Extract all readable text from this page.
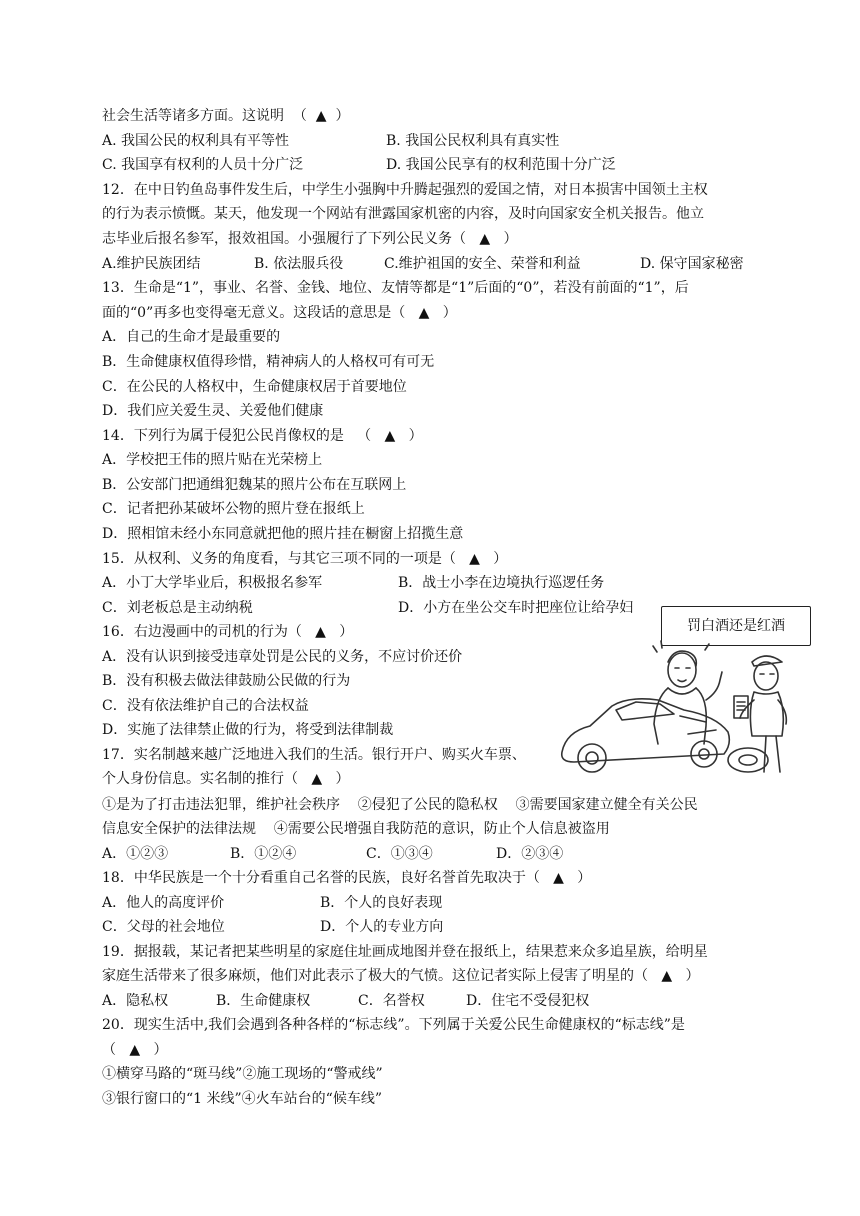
社会生活等诸多方面。这说明  （  ▲  ）
A. 我国公民的权利具有平等性	B. 我国公民权利具有真实性
C. 我国享有权利的人员十分广泛	D. 我国公民享有的权利范围十分广泛
12．在中日钓鱼岛事件发生后，中学生小强胸中升腾起强烈的爱国之情，对日本损害中国领土主权
的行为表示愤慨。某天，他发现一个网站有泄露国家机密的内容，及时向国家安全机关报告。他立
志毕业后报名参军，报效祖国。小强履行了下列公民义务（   ▲   ）
A.维护民族团结	B. 依法服兵役	C.维护祖国的安全、荣誉和利益	D. 保守国家秘密
13．生命是“1”，事业、名誉、金钱、地位、友情等都是“1”后面的“0”，若没有前面的“1”，后
面的“0”再多也变得毫无意义。这段话的意思是（   ▲   ）
A．自己的生命才是最重要的
B．生命健康权值得珍惜，精神病人的人格权可有可无
C．在公民的人格权中，生命健康权居于首要地位
D．我们应关爱生灵、关爱他们健康
14．下列行为属于侵犯公民肖像权的是   （   ▲   ）
A．学校把王伟的照片贴在光荣榜上
B．公安部门把通缉犯魏某的照片公布在互联网上
C．记者把孙某破坏公物的照片登在报纸上
D．照相馆未经小东同意就把他的照片挂在橱窗上招揽生意
15．从权利、义务的角度看，与其它三项不同的一项是（   ▲   ）
A．小丁大学毕业后，积极报名参军	B．战士小李在边境执行巡逻任务
C．刘老板总是主动纳税	D．小方在坐公交车时把座位让给孕妇
16．右边漫画中的司机的行为（   ▲   ）
A．没有认识到接受违章处罚是公民的义务，不应讨价还价
B．没有积极去做法律鼓励公民做的行为
C．没有依法维护自己的合法权益
D．实施了法律禁止做的行为，将受到法律制裁
17．实名制越来越广泛地进入我们的生活。银行开户、购买火车票、
个人身份信息。实名制的推行（   ▲   ）
①是为了打击违法犯罪，维护社会秩序    ②侵犯了公民的隐私权    ③需要国家建立健全有关公民
信息安全保护的法律法规    ④需要公民增强自我防范的意识，防止个人信息被盗用
A．①②③	B．①②④	C．①③④	D．②③④
18．中华民族是一个十分看重自己名誉的民族，良好名誉首先取决于（   ▲   ）
A．他人的高度评价	B．个人的良好表现
C．父母的社会地位	D．个人的专业方向
19．据报载，某记者把某些明星的家庭住址画成地图并登在报纸上，结果惹来众多追星族，给明星
家庭生活带来了很多麻烦，他们对此表示了极大的气愤。这位记者实际上侵害了明星的（   ▲   ）
A．隐私权	B．生命健康权	C．名誉权	D．住宅不受侵犯权
20．现实生活中,我们会遇到各种各样的“标志线”。下列属于关爱公民生命健康权的“标志线”是
（   ▲   ）
①横穿马路的“斑马线”②施工现场的“警戒线”
③银行窗口的“1 米线”④火车站台的“候车线”
罚白酒还是红酒
